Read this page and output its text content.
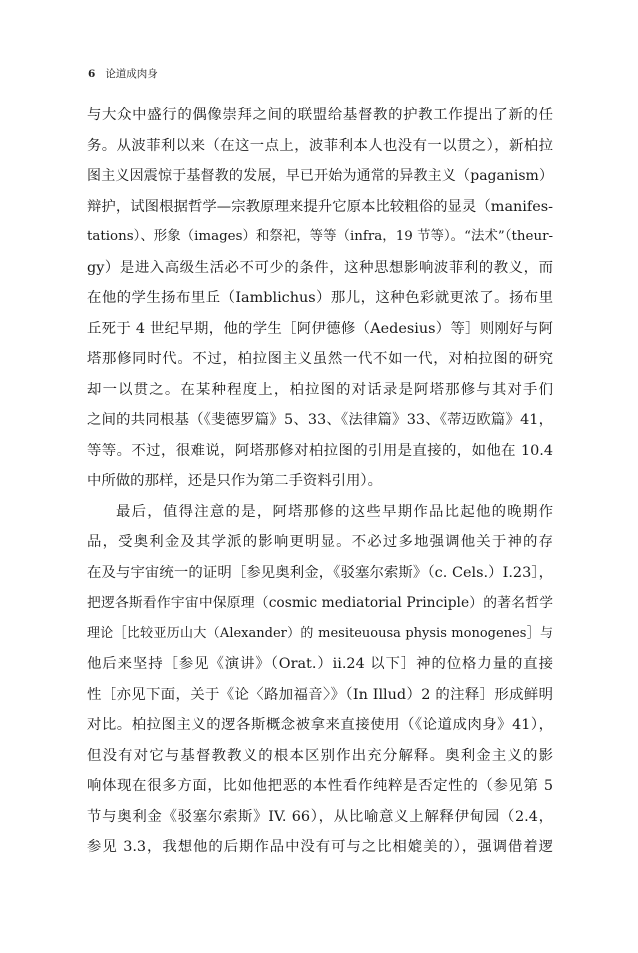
6 论道成肉身
与大众中盛行的偶像崇拜之间的联盟给基督教的护教工作提出了新的任
务。从波菲利以来（在这一点上，波菲利本人也没有一以贯之），新柏拉
图主义因震惊于基督教的发展，早已开始为通常的异教主义（paganism）
辩护，试图根据哲学—宗教原理来提升它原本比较粗俗的显灵（manifes-
tations）、形象（images）和祭祀，等等（infra，19 节等）。“法术”（theur-
gy）是进入高级生活必不可少的条件，这种思想影响波菲利的教义，而
在他的学生扬布里丘（Iamblichus）那儿，这种色彩就更浓了。扬布里
丘死于 4 世纪早期，他的学生［阿伊德修（Aedesius）等］则刚好与阿
塔那修同时代。不过，柏拉图主义虽然一代不如一代，对柏拉图的研究
却一以贯之。在某种程度上，柏拉图的对话录是阿塔那修与其对手们
之间的共同根基（《斐德罗篇》5、33、《法律篇》33、《蒂迈欧篇》41，
等等。不过，很难说，阿塔那修对柏拉图的引用是直接的，如他在 10.4
中所做的那样，还是只作为第二手资料引用）。
最后，值得注意的是，阿塔那修的这些早期作品比起他的晚期作
品，受奥利金及其学派的影响更明显。不必过多地强调他关于神的存
在及与宇宙统一的证明［参见奥利金，《驳塞尔索斯》（c. Cels.）I.23］，
把逻各斯看作宇宙中保原理（cosmic mediatorial Principle）的著名哲学
理论［比较亚历山大（Alexander）的 mesiteuousa physis monogenes］与
他后来坚持［参见《演讲》（Orat.）ii.24 以下］神的位格力量的直接
性［亦见下面，关于《论〈路加福音〉》（In Illud）2 的注释］形成鲜明
对比。柏拉图主义的逻各斯概念被拿来直接使用（《论道成肉身》41），
但没有对它与基督教教义的根本区别作出充分解释。奥利金主义的影
响体现在很多方面，比如他把恶的本性看作纯粹是否定性的（参见第 5
节与奥利金《驳塞尔索斯》IV. 66），从比喻意义上解释伊甸园（2.4，
参见 3.3，我想他的后期作品中没有可与之比相媲美的），强调借着逻
